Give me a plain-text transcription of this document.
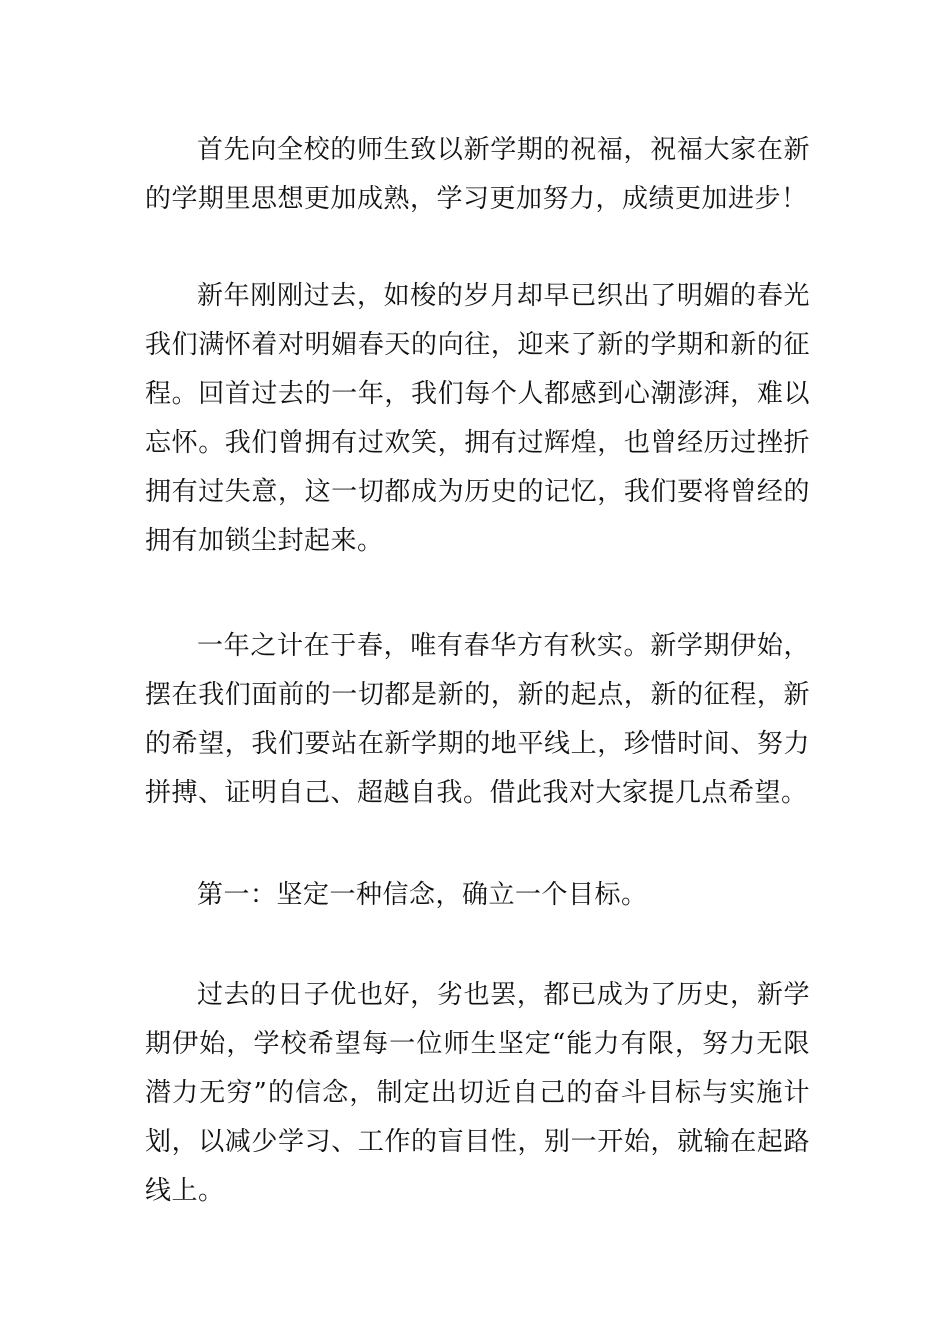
首先向全校的师生致以新学期的祝福，祝福大家在新的学期里思想更加成熟，学习更加努力，成绩更加进步！

新年刚刚过去，如梭的岁月却早已织出了明媚的春光我们满怀着对明媚春天的向往，迎来了新的学期和新的征程。回首过去的一年，我们每个人都感到心潮澎湃，难以忘怀。我们曾拥有过欢笑，拥有过辉煌，也曾经历过挫折拥有过失意，这一切都成为历史的记忆，我们要将曾经的拥有加锁尘封起来。

一年之计在于春，唯有春华方有秋实。新学期伊始，摆在我们面前的一切都是新的，新的起点，新的征程，新的希望，我们要站在新学期的地平线上，珍惜时间、努力拼搏、证明自己、超越自我。借此我对大家提几点希望。

第一：坚定一种信念，确立一个目标。

过去的日子优也好，劣也罢，都已成为了历史，新学期伊始，学校希望每一位师生坚定“能力有限，努力无限潜力无穷”的信念，制定出切近自己的奋斗目标与实施计划，以减少学习、工作的盲目性，别一开始，就输在起路线上。
